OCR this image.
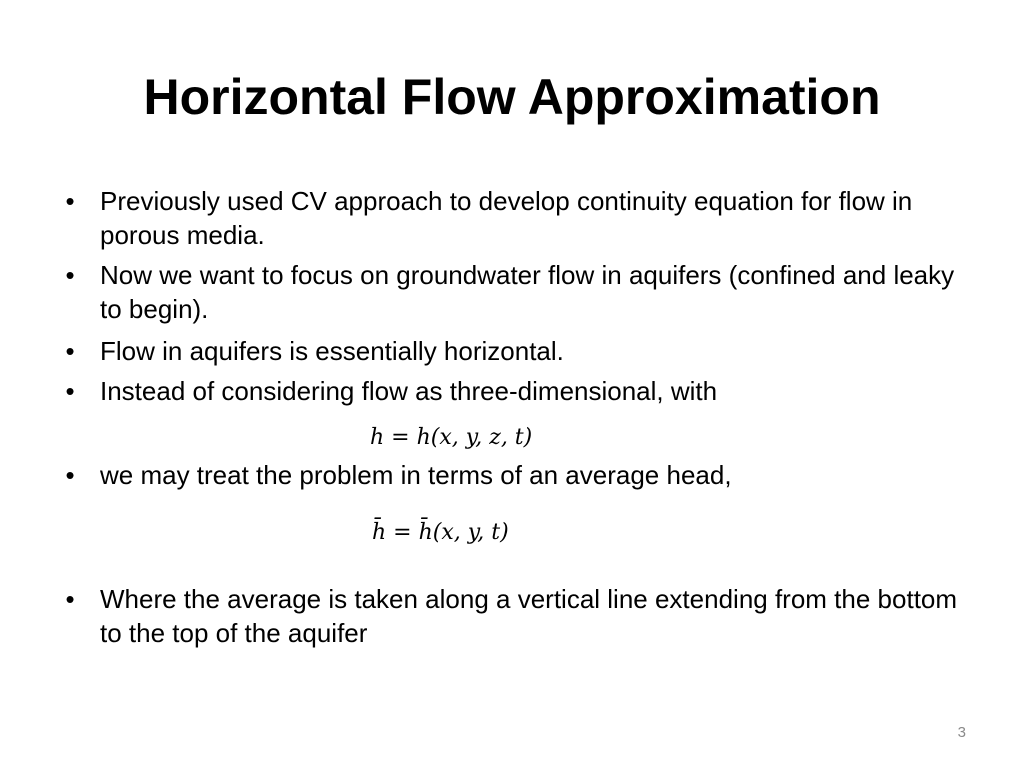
Horizontal Flow Approximation
• Previously used CV approach to develop continuity equation for flow in porous media.
• Now we want to focus on groundwater flow in aquifers (confined and leaky to begin).
• Flow in aquifers is essentially horizontal.
• Instead of considering flow as three-dimensional, with
h = h(x, y, z, t)
• we may treat the problem in terms of an average head,
h̄ = h̄(x, y, t)
• Where the average is taken along a vertical line extending from the bottom to the top of the aquifer
3
